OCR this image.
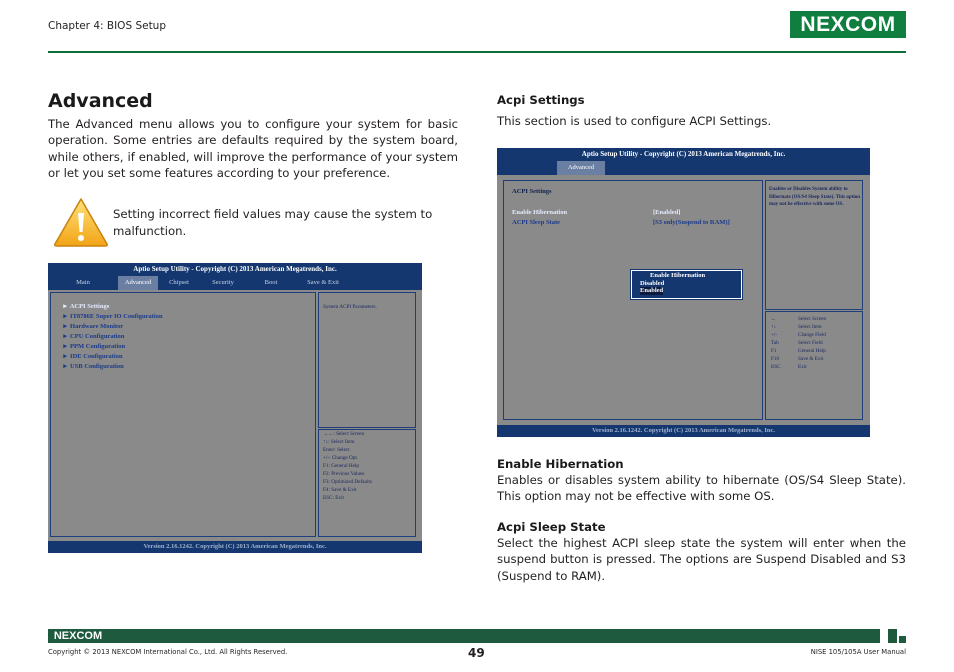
Chapter 4: BIOS Setup	NEXCOM
Advanced
The Advanced menu allows you to configure your system for basic operation. Some entries are defaults required by the system board, while others, if enabled, will improve the performance of your system or let you set some features according to your preference.
Setting incorrect field values may cause the system to malfunction.
Aptio Setup Utility - Copyright (C) 2013 American Megatrends, Inc.
Main	Advanced	Chipset	Security	Boot	Save & Exit
► ACPI Settings
► IT8786E Super IO Configuration
► Hardware Monitor
► CPU Configuration
► PPM Configuration
► IDE Configuration
► USB Configuration
System ACPI Parameters.
→←: Select Screen
↑↓: Select Item
Enter: Select
+/-: Change Opt.
F1: General Help
F2: Previous Values
F3: Optimized Defaults
F4: Save & Exit
ESC: Exit
Version 2.16.1242. Copyright (C) 2013 American Megatrends, Inc.
Acpi Settings
This section is used to configure ACPI Settings.
Aptio Setup Utility - Copyright (C) 2013 American Megatrends, Inc.
Advanced
ACPI Settings
Enable Hibernation	[Enabled]
ACPI Sleep State	[S3 only(Suspend to RAM)]
Enables or Disables System ability to Hibernate (OS/S4 Sleep State). This option may not be effective with some OS.
Enable Hibernation
Disabled
Enabled
←	Select Screen
↑↓	Select Item
+/-	Change Field
Tab	Select Field
F1	General Help
F10	Save & Exit
ESC	Exit
Version 2.16.1242. Copyright (C) 2013 American Megatrends, Inc.
Enable Hibernation
Enables or disables system ability to hibernate (OS/S4 Sleep State). This option may not be effective with some OS.
Acpi Sleep State
Select the highest ACPI sleep state the system will enter when the suspend button is pressed. The options are Suspend Disabled and S3 (Suspend to RAM).
NEXCOM
Copyright © 2013 NEXCOM International Co., Ltd. All Rights Reserved.	49	NISE 105/105A User Manual
